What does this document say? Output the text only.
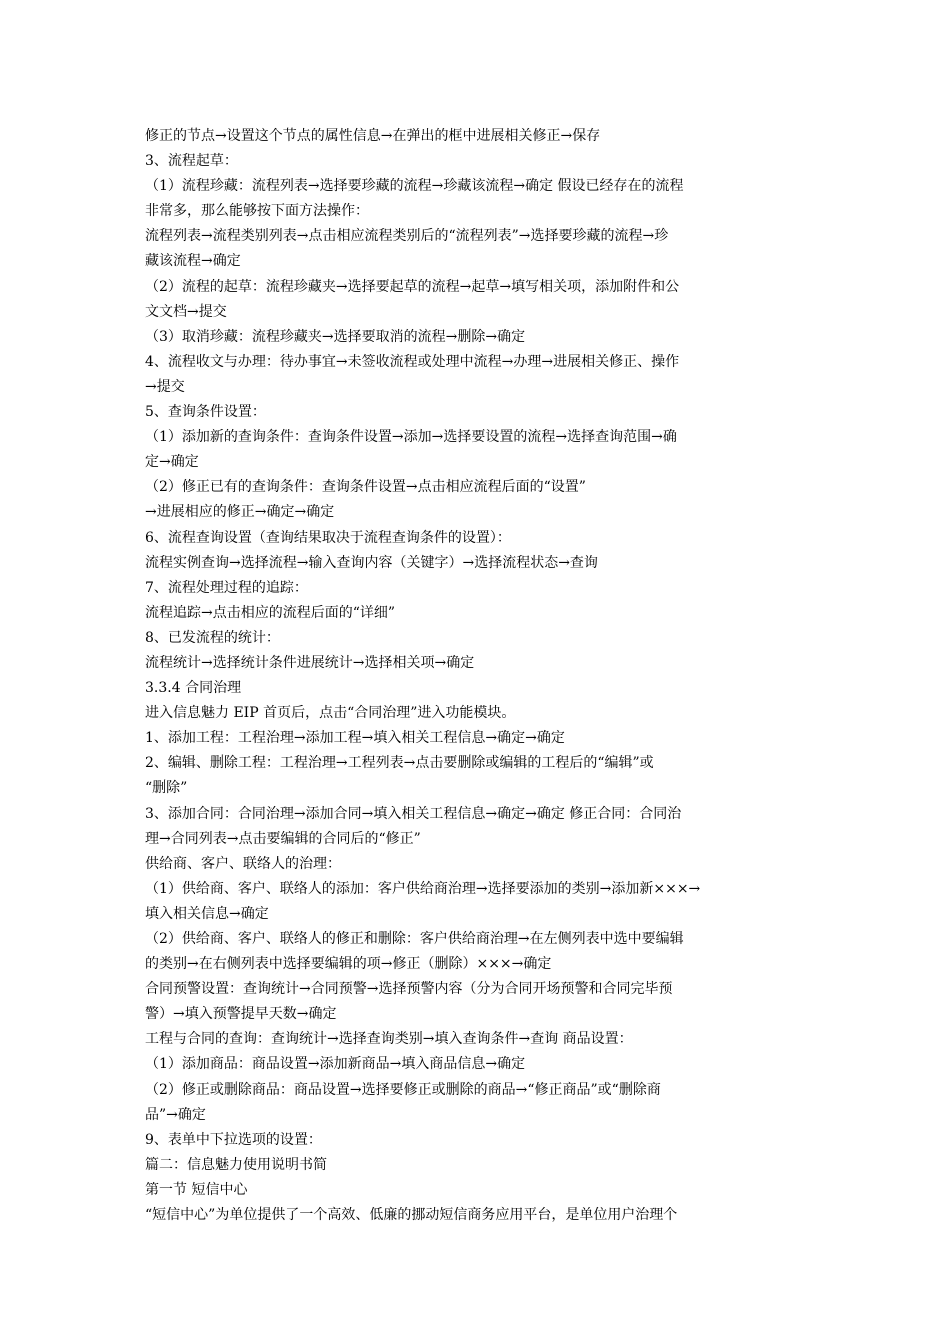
修正的节点→设置这个节点的属性信息→在弹出的框中进展相关修正→保存
3、流程起草：
（1）流程珍藏：流程列表→选择要珍藏的流程→珍藏该流程→确定 假设已经存在的流程
非常多，那么能够按下面方法操作：
流程列表→流程类别列表→点击相应流程类别后的“流程列表”→选择要珍藏的流程→珍
藏该流程→确定
（2）流程的起草：流程珍藏夹→选择要起草的流程→起草→填写相关项，添加附件和公
文文档→提交
（3）取消珍藏：流程珍藏夹→选择要取消的流程→删除→确定
4、流程收文与办理：待办事宜→未签收流程或处理中流程→办理→进展相关修正、操作
→提交
5、查询条件设置：
（1）添加新的查询条件：查询条件设置→添加→选择要设置的流程→选择查询范围→确
定→确定
（2）修正已有的查询条件：查询条件设置→点击相应流程后面的“设置”
→进展相应的修正→确定→确定
6、流程查询设置（查询结果取决于流程查询条件的设置）：
流程实例查询→选择流程→输入查询内容（关键字）→选择流程状态→查询
7、流程处理过程的追踪：
流程追踪→点击相应的流程后面的“详细”
8、已发流程的统计：
流程统计→选择统计条件进展统计→选择相关项→确定
3.3.4 合同治理
进入信息魅力 EIP 首页后，点击“合同治理”进入功能模块。
1、添加工程：工程治理→添加工程→填入相关工程信息→确定→确定
2、编辑、删除工程：工程治理→工程列表→点击要删除或编辑的工程后的“编辑”或
“删除”
3、添加合同：合同治理→添加合同→填入相关工程信息→确定→确定 修正合同：合同治
理→合同列表→点击要编辑的合同后的“修正”
供给商、客户、联络人的治理：
（1）供给商、客户、联络人的添加：客户供给商治理→选择要添加的类别→添加新×××→
填入相关信息→确定
（2）供给商、客户、联络人的修正和删除：客户供给商治理→在左侧列表中选中要编辑
的类别→在右侧列表中选择要编辑的项→修正（删除）×××→确定
合同预警设置：查询统计→合同预警→选择预警内容（分为合同开场预警和合同完毕预
警）→填入预警提早天数→确定
工程与合同的查询：查询统计→选择查询类别→填入查询条件→查询 商品设置：
（1）添加商品：商品设置→添加新商品→填入商品信息→确定
（2）修正或删除商品：商品设置→选择要修正或删除的商品→“修正商品”或“删除商
品”→确定
9、表单中下拉选项的设置：
篇二：信息魅力使用说明书简
第一节 短信中心
“短信中心”为单位提供了一个高效、低廉的挪动短信商务应用平台，是单位用户治理个
